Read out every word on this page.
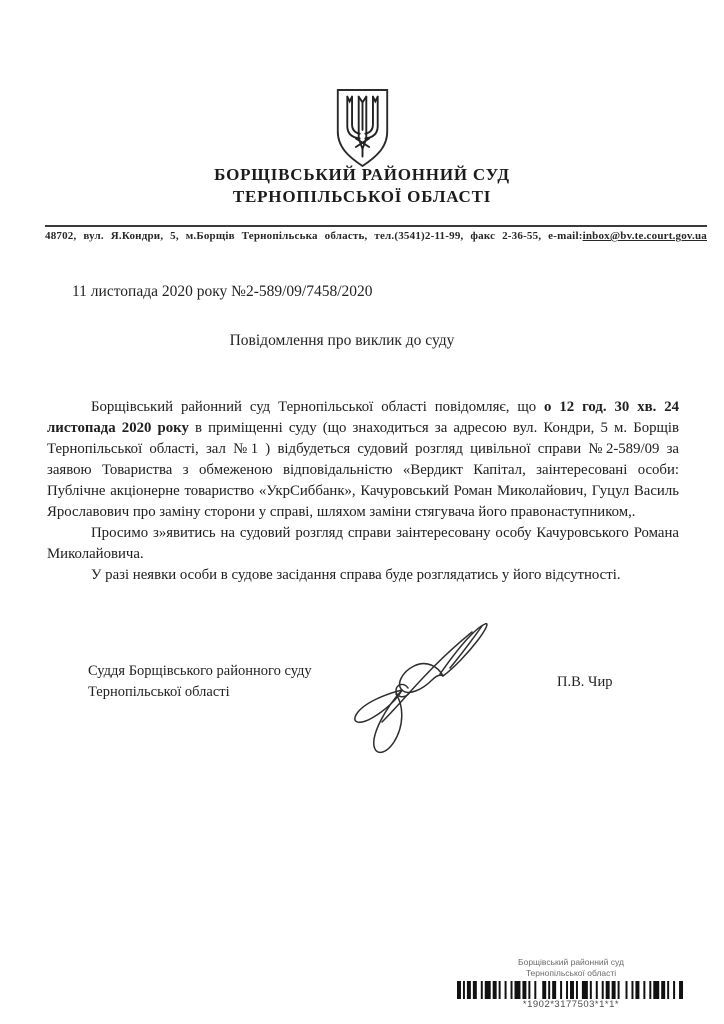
БОРЩІВСЬКИЙ РАЙОННИЙ СУД
ТЕРНОПІЛЬСЬКОЇ ОБЛАСТІ
48702, вул. Я.Кондри, 5, м.Борщів Тернопільська область, тел.(3541)2-11-99, факс 2-36-55, e-mail:inbox@bv.te.court.gov.ua
11 листопада 2020 року №2-589/09/7458/2020
Повідомлення про виклик до суду

Борщівський районний суд Тернопільської області повідомляє, що о 12 год. 30 хв. 24 листопада 2020 року в приміщенні суду (що знаходиться за адресою вул. Кондри, 5 м. Борщів Тернопільської області, зал №1 ) відбудеться судовий розгляд цивільної справи №2-589/09 за заявою Товариства з обмеженою відповідальністю «Вердикт Капітал, заінтересовані особи: Публічне акціонерне товариство «УкрСиббанк», Качуровський Роман Миколайович, Гуцул Василь Ярославович про заміну сторони у справі, шляхом заміни стягувача його правонаступником,.

Просимо з»явитись на судовий розгляд справи заінтересовану особу Качуровського Романа Миколайовича.

У разі неявки особи в судове засідання справа буде розглядатись у його відсутності.

Суддя Борщівського районного суду
Тернопільської області
П.В. Чир
Борщівський районний суд
Тернопільської області
*1902*3177503*1*1*
